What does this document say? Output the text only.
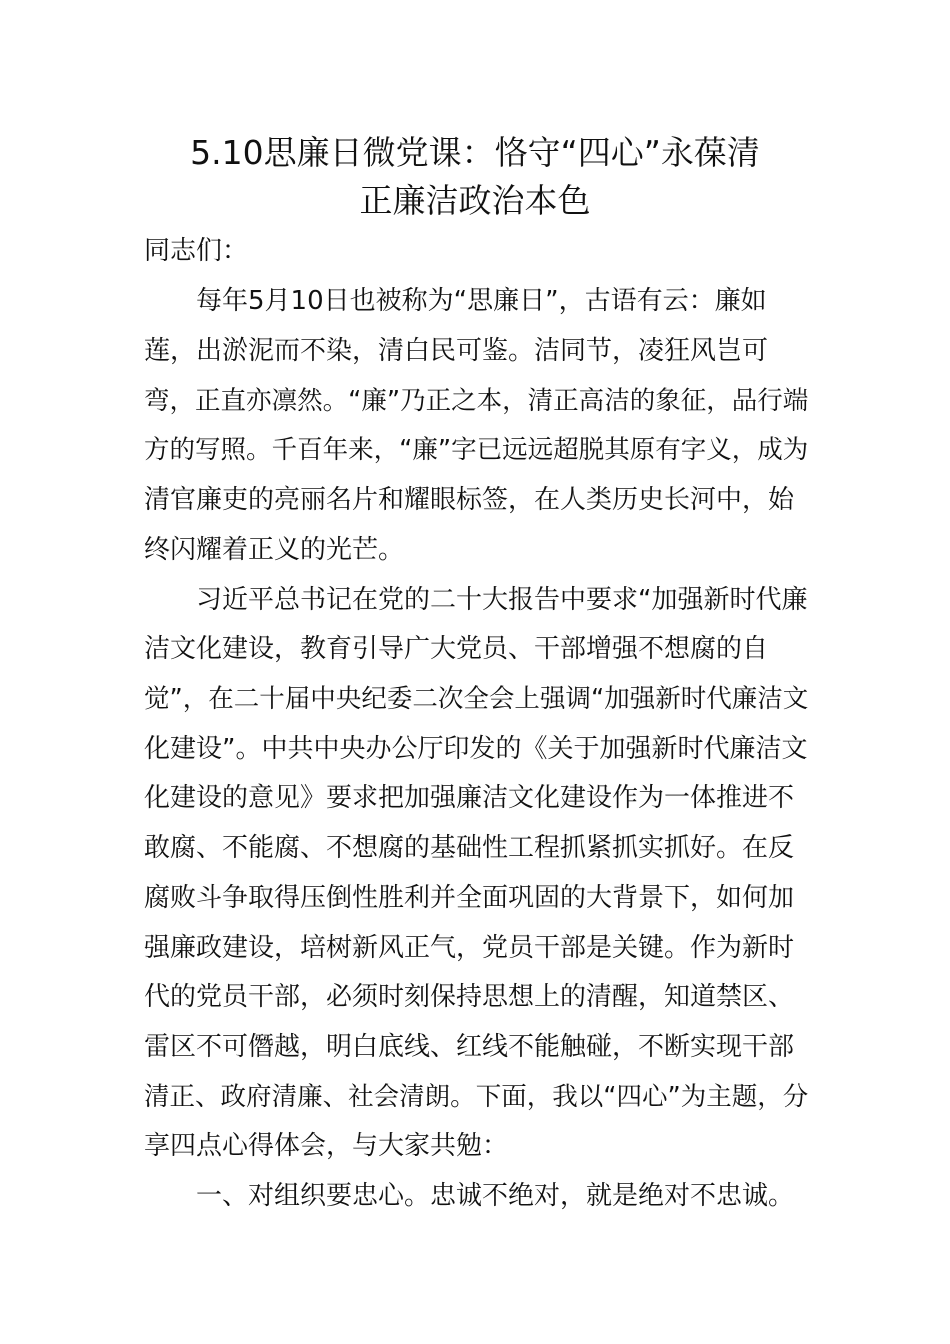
5.10思廉日微党课：恪守“四心”永葆清
正廉洁政治本色
同志们：
每年5月10日也被称为“思廉日”，古语有云：廉如
莲，出淤泥而不染，清白民可鉴。洁同节，凌狂风岂可
弯，正直亦凛然。“廉”乃正之本，清正高洁的象征，品行端
方的写照。千百年来，“廉”字已远远超脱其原有字义，成为
清官廉吏的亮丽名片和耀眼标签，在人类历史长河中，始
终闪耀着正义的光芒。
习近平总书记在党的二十大报告中要求“加强新时代廉
洁文化建设，教育引导广大党员、干部增强不想腐的自
觉”，在二十届中央纪委二次全会上强调“加强新时代廉洁文
化建设”。中共中央办公厅印发的《关于加强新时代廉洁文
化建设的意见》要求把加强廉洁文化建设作为一体推进不
敢腐、不能腐、不想腐的基础性工程抓紧抓实抓好。在反
腐败斗争取得压倒性胜利并全面巩固的大背景下，如何加
强廉政建设，培树新风正气，党员干部是关键。作为新时
代的党员干部，必须时刻保持思想上的清醒，知道禁区、
雷区不可僭越，明白底线、红线不能触碰，不断实现干部
清正、政府清廉、社会清朗。下面，我以“四心”为主题，分
享四点心得体会，与大家共勉：
一、对组织要忠心。忠诚不绝对，就是绝对不忠诚。
